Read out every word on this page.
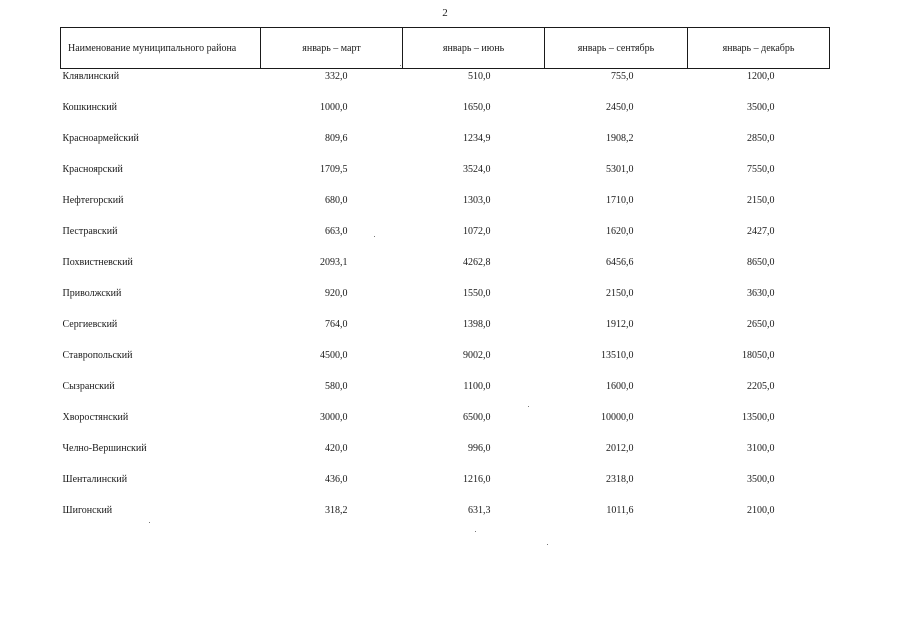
2
Наименование муниципального района	январь – март	январь – июнь	январь – сентябрь	январь – декабрь
Клявлинский	332,0	510,0	755,0	1200,0
Кошкинский	1000,0	1650,0	2450,0	3500,0
Красноармейский	809,6	1234,9	1908,2	2850,0
Красноярский	1709,5	3524,0	5301,0	7550,0
Нефтегорский	680,0	1303,0	1710,0	2150,0
Пестравский	663,0	1072,0	1620,0	2427,0
Похвистневский	2093,1	4262,8	6456,6	8650,0
Приволжский	920,0	1550,0	2150,0	3630,0
Сергиевский	764,0	1398,0	1912,0	2650,0
Ставропольский	4500,0	9002,0	13510,0	18050,0
Сызранский	580,0	1100,0	1600,0	2205,0
Хворостянский	3000,0	6500,0	10000,0	13500,0
Челно-Вершинский	420,0	996,0	2012,0	3100,0
Шенталинский	436,0	1216,0	2318,0	3500,0
Шигонский	318,2	631,3	1011,6	2100,0
